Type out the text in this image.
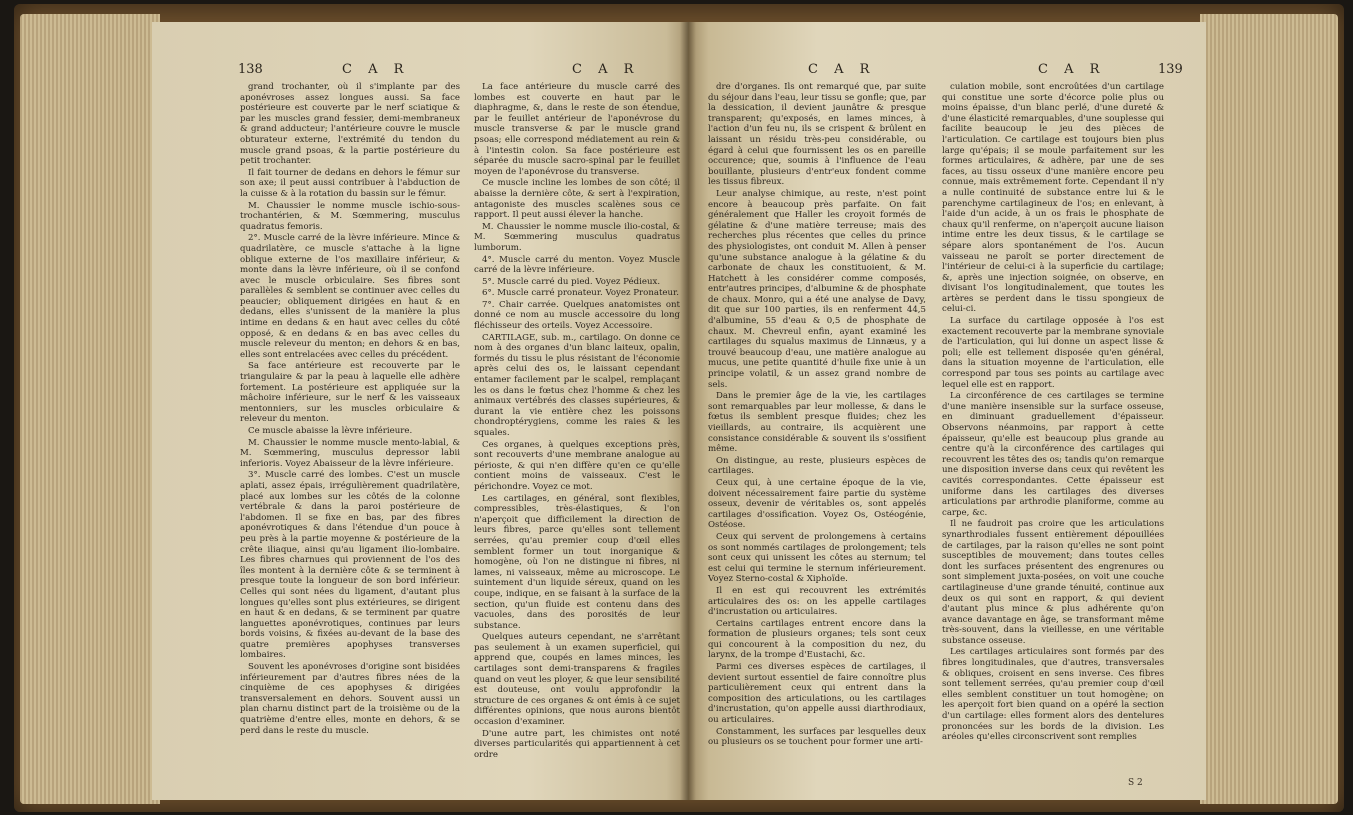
138	C A R	C A R

grand trochanter, où il s'implante par des aponévroses assez longues aussi. Sa face postérieure est couverte par le nerf sciatique & par les muscles grand fessier, demi-membraneux & grand adducteur; l'antérieure couvre le muscle obturateur externe, l'extrémité du tendon du muscle grand psoas, & la partie postérieure du petit trochanter.

Il fait tourner de dedans en dehors le fémur sur son axe; il peut aussi contribuer à l'abduction de la cuisse & à la rotation du bassin sur le fémur.

M. Chaussier le nomme muscle ischio-sous-trochantérien, & M. Sœmmering, musculus quadratus femoris.

2°. Muscle carré de la lèvre inférieure. Mince & quadrilatère, ce muscle s'attache à la ligne oblique externe de l'os maxillaire inférieur, & monte dans la lèvre inférieure, où il se confond avec le muscle orbiculaire. Ses fibres sont parallèles & semblent se continuer avec celles du peaucier; obliquement dirigées en haut & en dedans, elles s'unissent de la manière la plus intime en dedans & en haut avec celles du côté opposé, & en dedans & en bas avec celles du muscle releveur du menton; en dehors & en bas, elles sont entrelacées avec celles du précédent.

Sa face antérieure est recouverte par le triangulaire & par la peau à laquelle elle adhère fortement. La postérieure est appliquée sur la mâchoire inférieure, sur le nerf & les vaisseaux mentonniers, sur les muscles orbiculaire & releveur du menton.

Ce muscle abaisse la lèvre inférieure.

M. Chaussier le nomme muscle mento-labial, & M. Sœmmering, musculus depressor labii inferioris. Voyez Abaisseur de la lèvre inférieure.

3°. Muscle carré des lombes. C'est un muscle aplati, assez épais, irrégulièrement quadrilatère, placé aux lombes sur les côtés de la colonne vertébrale & dans la paroi postérieure de l'abdomen. Il se fixe en bas, par des fibres aponévrotiques & dans l'étendue d'un pouce à peu près à la partie moyenne & postérieure de la crête iliaque, ainsi qu'au ligament ilio-lombaire. Les fibres charnues qui proviennent de l'os des îles montent à la dernière côte & se terminent à presque toute la longueur de son bord inférieur. Celles qui sont nées du ligament, d'autant plus longues qu'elles sont plus extérieures, se dirigent en haut & en dedans, & se terminent par quatre languettes aponévrotiques, continues par leurs bords voisins, & fixées au-devant de la base des quatre premières apophyses transverses lombaires.

Souvent les aponévroses d'origine sont bisidées inférieurement par d'autres fibres nées de la cinquième de ces apophyses & dirigées transversalement en dehors. Souvent aussi un plan charnu distinct part de la troisième ou de la quatrième d'entre elles, monte en dehors, & se perd dans le reste du muscle.

La face antérieure du muscle carré des lombes est couverte en haut par le diaphragme, &, dans le reste de son étendue, par le feuillet antérieur de l'aponévrose du muscle transverse & par le muscle grand psoas; elle correspond médiatement au rein & à l'intestin colon. Sa face postérieure est séparée du muscle sacro-spinal par le feuillet moyen de l'aponévrose du transverse.

Ce muscle incline les lombes de son côté; il abaisse la dernière côte, & sert à l'expiration, antagoniste des muscles scalènes sous ce rapport. Il peut aussi élever la hanche.

M. Chaussier le nomme muscle ilio-costal, & M. Sœmmering musculus quadratus lumborum.

4°. Muscle carré du menton. Voyez Muscle carré de la lèvre inférieure.

5°. Muscle carré du pied. Voyez Pédieux.

6°. Muscle carré pronateur. Voyez Pronateur.

7°. Chair carrée. Quelques anatomistes ont donné ce nom au muscle accessoire du long fléchisseur des orteils. Voyez Accessoire.

CARTILAGE, sub. m., cartilago. On donne ce nom à des organes d'un blanc laiteux, opalin, formés du tissu le plus résistant de l'économie après celui des os, le laissant cependant entamer facilement par le scalpel, remplaçant les os dans le fœtus chez l'homme & chez les animaux vertébrés des classes supérieures, & durant la vie entière chez les poissons chondroptérygiens, comme les raies & les squales.

Ces organes, à quelques exceptions près, sont recouverts d'une membrane analogue au périoste, & qui n'en diffère qu'en ce qu'elle contient moins de vaisseaux. C'est le périchondre. Voyez ce mot.

Les cartilages, en général, sont flexibles, compressibles, très-élastiques, & l'on n'aperçoit que difficilement la direction de leurs fibres, parce qu'elles sont tellement serrées, qu'au premier coup d'œil elles semblent former un tout inorganique & homogène, où l'on ne distingue ni fibres, ni lames, ni vaisseaux, même au microscope. Le suintement d'un liquide séreux, quand on les coupe, indique, en se faisant à la surface de la section, qu'un fluide est contenu dans des vacuoles, dans des porosités de leur substance.

Quelques auteurs cependant, ne s'arrêtant pas seulement à un examen superficiel, qui apprend que, coupés en lames minces, les cartilages sont demi-transparens & fragiles quand on veut les ployer, & que leur sensibilité est douteuse, ont voulu approfondir la structure de ces organes & ont émis à ce sujet différentes opinions, que nous aurons bientôt occasion d'examiner.

D'une autre part, les chimistes ont noté diverses particularités qui appartiennent à cet ordre

C A R	C A R	139

dre d'organes. Ils ont remarqué que, par suite du séjour dans l'eau, leur tissu se gonfle; que, par la dessication, il devient jaunâtre & presque transparent; qu'exposés, en lames minces, à l'action d'un feu nu, ils se crispent & brûlent en laissant un résidu très-peu considérable, ou égard à celui que fournissent les os en pareille occurence; que, soumis à l'influence de l'eau bouillante, plusieurs d'entr'eux fondent comme les tissus fibreux.

Leur analyse chimique, au reste, n'est point encore à beaucoup près parfaite. On fait généralement que Haller les croyoit formés de gélatine & d'une matière terreuse; mais des recherches plus récentes que celles du prince des physiologistes, ont conduit M. Allen à penser qu'une substance analogue à la gélatine & du carbonate de chaux les constituoient, & M. Hatchett à les considérer comme composés, entr'autres principes, d'albumine & de phosphate de chaux. Monro, qui a été une analyse de Davy, dit que sur 100 parties, ils en renferment 44,5 d'albumine, 55 d'eau & 0,5 de phosphate de chaux. M. Chevreul enfin, ayant examiné les cartilages du squalus maximus de Linnæus, y a trouvé beaucoup d'eau, une matière analogue au mucus, une petite quantité d'huile fixe unie à un principe volatil, & un assez grand nombre de sels.

Dans le premier âge de la vie, les cartilages sont remarquables par leur mollesse, & dans le fœtus ils semblent presque fluides; chez les vieillards, au contraire, ils acquièrent une consistance considérable & souvent ils s'ossifient même.

On distingue, au reste, plusieurs espèces de cartilages.

Ceux qui, à une certaine époque de la vie, doivent nécessairement faire partie du système osseux, devenir de véritables os, sont appelés cartilages d'ossification. Voyez Os, Ostéogénie, Ostéose.

Ceux qui servent de prolongemens à certains os sont nommés cartilages de prolongement; tels sont ceux qui unissent les côtes au sternum; tel est celui qui termine le sternum inférieurement. Voyez Sterno-costal & Xiphoïde.

Il en est qui recouvrent les extrémités articulaires des os: on les appelle cartilages d'incrustation ou articulaires.

Certains cartilages entrent encore dans la formation de plusieurs organes; tels sont ceux qui concourent à la composition du nez, du larynx, de la trompe d'Eustachi, &c.

Parmi ces diverses espèces de cartilages, il devient surtout essentiel de faire connoître plus particulièrement ceux qui entrent dans la composition des articulations, ou les cartilages d'incrustation, qu'on appelle aussi diarthrodiaux, ou articulaires.

Constamment, les surfaces par lesquelles deux ou plusieurs os se touchent pour former une arti-

culation mobile, sont encroûtées d'un cartilage qui constitue une sorte d'écorce polie plus ou moins épaisse, d'un blanc perlé, d'une dureté & d'une élasticité remarquables, d'une souplesse qui facilite beaucoup le jeu des pièces de l'articulation. Ce cartilage est toujours bien plus large qu'épais; il se moule parfaitement sur les formes articulaires, & adhère, par une de ses faces, au tissu osseux d'une manière encore peu connue, mais extrêmement forte. Cependant il n'y a nulle continuité de substance entre lui & le parenchyme cartilagineux de l'os; en enlevant, à l'aide d'un acide, à un os frais le phosphate de chaux qu'il renferme, on n'aperçoit aucune liaison intime entre les deux tissus, & le cartilage se sépare alors spontanément de l'os. Aucun vaisseau ne paroît se porter directement de l'intérieur de celui-ci à la superficie du cartilage; &, après une injection soignée, on observe, en divisant l'os longitudinalement, que toutes les artères se perdent dans le tissu spongieux de celui-ci.

La surface du cartilage opposée à l'os est exactement recouverte par la membrane synoviale de l'articulation, qui lui donne un aspect lisse & poli; elle est tellement disposée qu'en général, dans la situation moyenne de l'articulation, elle correspond par tous ses points au cartilage avec lequel elle est en rapport.

La circonférence de ces cartilages se termine d'une manière insensible sur la surface osseuse, en diminuant graduellement d'épaisseur. Observons néanmoins, par rapport à cette épaisseur, qu'elle est beaucoup plus grande au centre qu'à la circonférence des cartilages qui recouvrent les têtes des os; tandis qu'on remarque une disposition inverse dans ceux qui revêtent les cavités correspondantes. Cette épaisseur est uniforme dans les cartilages des diverses articulations par arthrodie planiforme, comme au carpe, &c.

Il ne faudroit pas croire que les articulations synarthrodiales fussent entièrement dépouillées de cartilages, par la raison qu'elles ne sont point susceptibles de mouvement; dans toutes celles dont les surfaces présentent des engrenures ou sont simplement juxta-posées, on voit une couche cartilagineuse d'une grande ténuité, continue aux deux os qui sont en rapport, & qui devient d'autant plus mince & plus adhérente qu'on avance davantage en âge, se transformant même très-souvent, dans la vieillesse, en une véritable substance osseuse.

Les cartilages articulaires sont formés par des fibres longitudinales, que d'autres, transversales & obliques, croisent en sens inverse. Ces fibres sont tellement serrées, qu'au premier coup d'œil elles semblent constituer un tout homogène; on les aperçoit fort bien quand on a opéré la section d'un cartilage: elles forment alors des dentelures prononcées sur les bords de la division. Les aréoles qu'elles circonscrivent sont remplies

S 2
